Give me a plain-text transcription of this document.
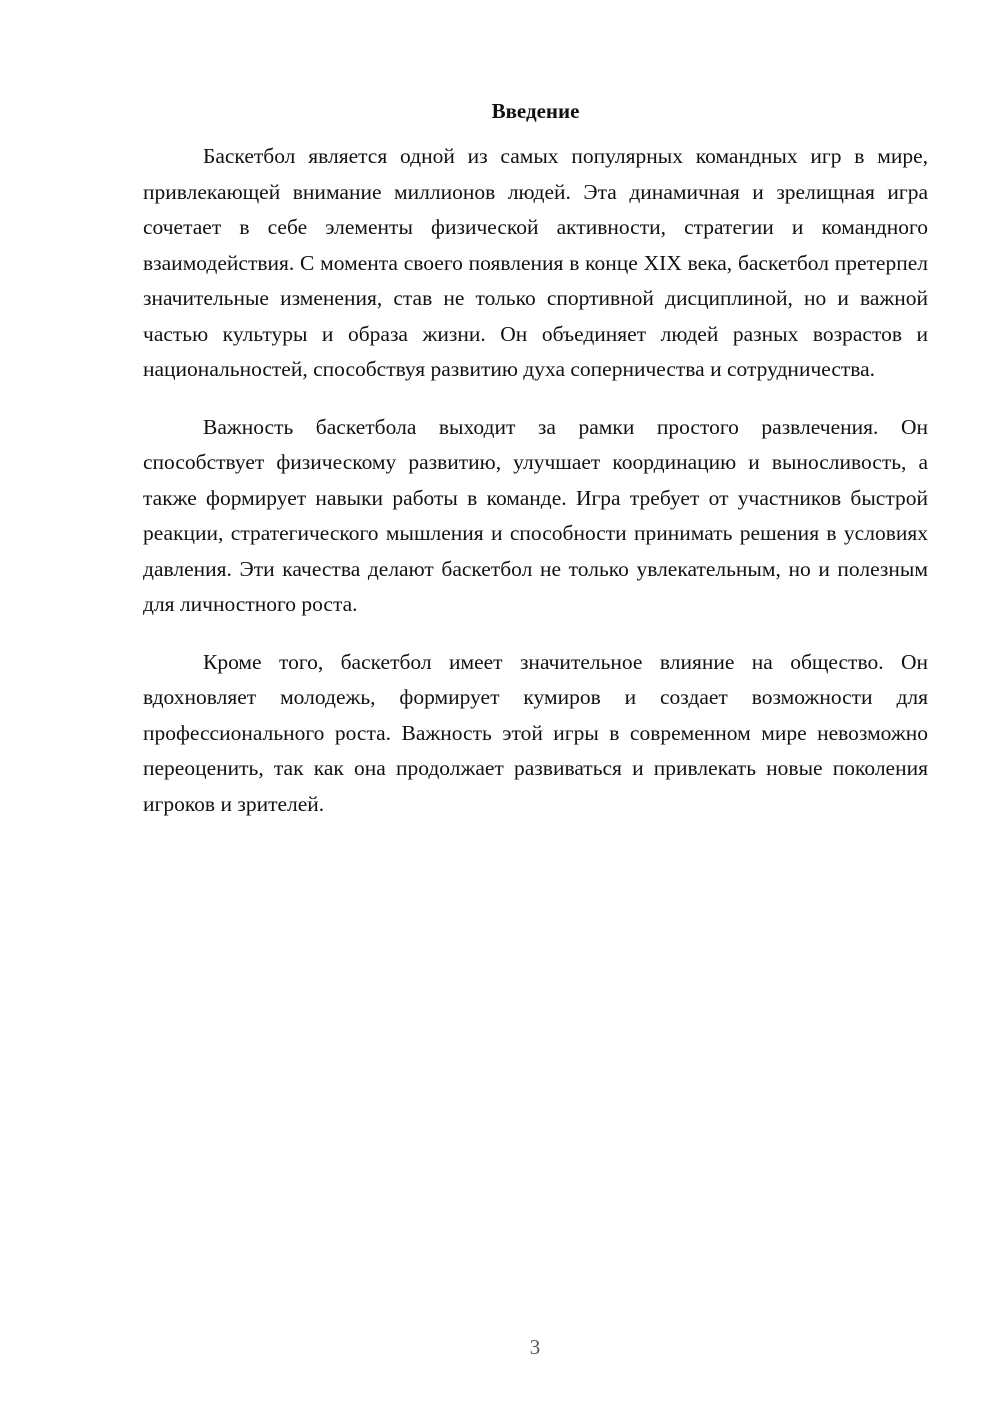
Введение

Баскетбол является одной из самых популярных командных игр в мире, привлекающей внимание миллионов людей. Эта динамичная и зрелищная игра сочетает в себе элементы физической активности, стратегии и командного взаимодействия. С момента своего появления в конце XIX века, баскетбол претерпел значительные изменения, став не только спортивной дисциплиной, но и важной частью культуры и образа жизни. Он объединяет людей разных возрастов и национальностей, способствуя развитию духа соперничества и сотрудничества.

Важность баскетбола выходит за рамки простого развлечения. Он способствует физическому развитию, улучшает координацию и выносливость, а также формирует навыки работы в команде. Игра требует от участников быстрой реакции, стратегического мышления и способности принимать решения в условиях давления. Эти качества делают баскетбол не только увлекательным, но и полезным для личностного роста.

Кроме того, баскетбол имеет значительное влияние на общество. Он вдохновляет молодежь, формирует кумиров и создает возможности для профессионального роста. Важность этой игры в современном мире невозможно переоценить, так как она продолжает развиваться и привлекать новые поколения игроков и зрителей.

3
